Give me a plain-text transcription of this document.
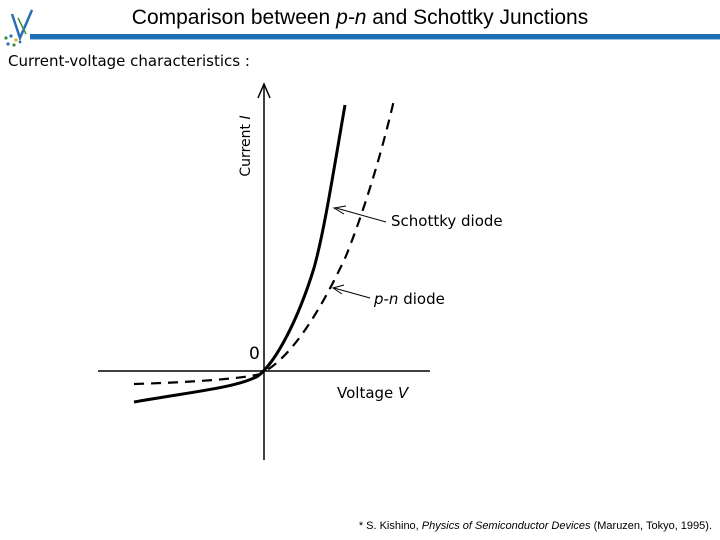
Comparison between p-n and Schottky Junctions
Current-voltage characteristics :
Current I
0
Schottky diode
p-n diode
Voltage V
* S. Kishino, Physics of Semiconductor Devices (Maruzen, Tokyo, 1995).
